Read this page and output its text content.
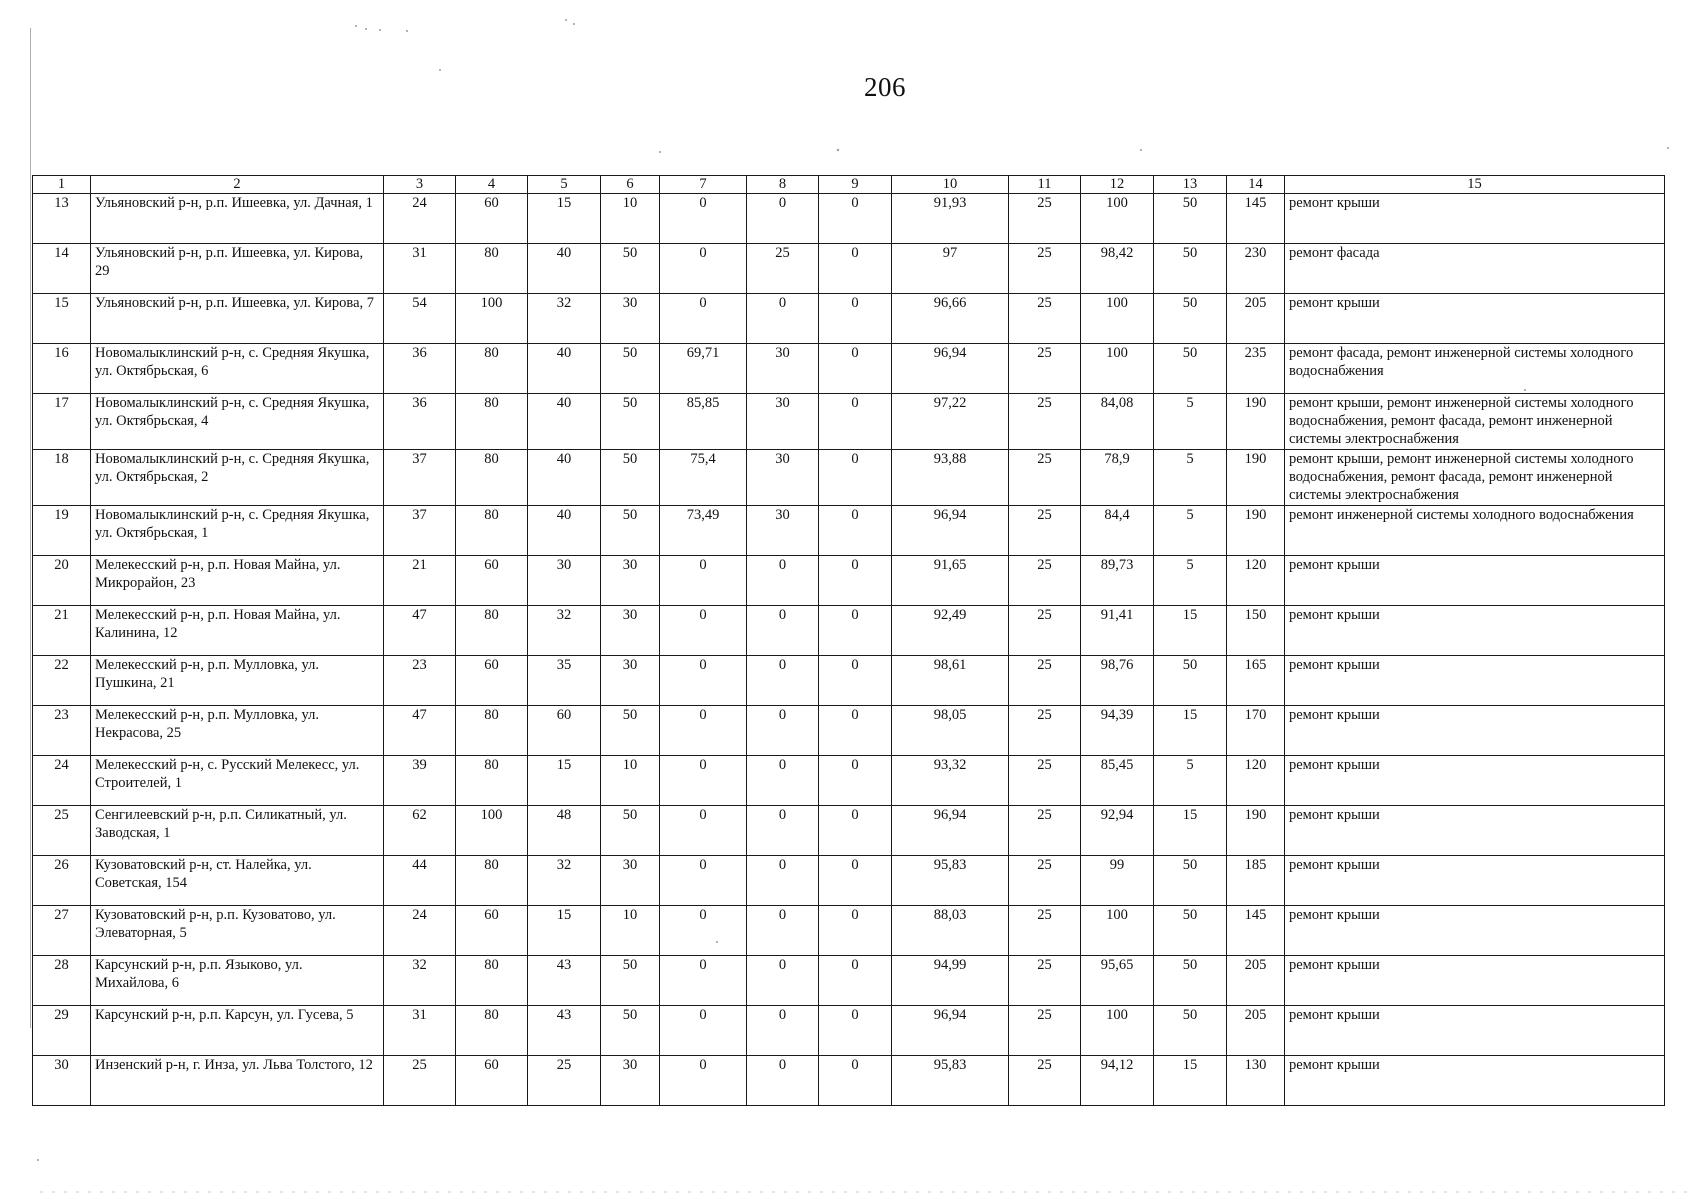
206
1	2	3	4	5	6	7	8	9	10	11	12	13	14	15
13	Ульяновский р-н, р.п. Ишеевка, ул. Дачная, 1	24	60	15	10	0	0	0	91,93	25	100	50	145	ремонт крыши
14	Ульяновский р-н, р.п. Ишеевка, ул. Кирова, 29	31	80	40	50	0	25	0	97	25	98,42	50	230	ремонт фасада
15	Ульяновский р-н, р.п. Ишеевка, ул. Кирова, 7	54	100	32	30	0	0	0	96,66	25	100	50	205	ремонт крыши
16	Новомалыклинский р-н, с. Средняя Якушка, ул. Октябрьская, 6	36	80	40	50	69,71	30	0	96,94	25	100	50	235	ремонт фасада, ремонт инженерной системы холодного водоснабжения
17	Новомалыклинский р-н, с. Средняя Якушка, ул. Октябрьская, 4	36	80	40	50	85,85	30	0	97,22	25	84,08	5	190	ремонт крыши, ремонт инженерной системы холодного водоснабжения, ремонт фасада, ремонт инженерной системы электроснабжения
18	Новомалыклинский р-н, с. Средняя Якушка, ул. Октябрьская, 2	37	80	40	50	75,4	30	0	93,88	25	78,9	5	190	ремонт крыши, ремонт инженерной системы холодного водоснабжения, ремонт фасада, ремонт инженерной системы электроснабжения
19	Новомалыклинский р-н, с. Средняя Якушка, ул. Октябрьская, 1	37	80	40	50	73,49	30	0	96,94	25	84,4	5	190	ремонт инженерной системы холодного водоснабжения
20	Мелекесский р-н, р.п. Новая Майна, ул. Микрорайон, 23	21	60	30	30	0	0	0	91,65	25	89,73	5	120	ремонт крыши
21	Мелекесский р-н, р.п. Новая Майна, ул. Калинина, 12	47	80	32	30	0	0	0	92,49	25	91,41	15	150	ремонт крыши
22	Мелекесский р-н, р.п. Мулловка, ул. Пушкина, 21	23	60	35	30	0	0	0	98,61	25	98,76	50	165	ремонт крыши
23	Мелекесский р-н, р.п. Мулловка, ул. Некрасова, 25	47	80	60	50	0	0	0	98,05	25	94,39	15	170	ремонт крыши
24	Мелекесский р-н, с. Русский Мелекесс, ул. Строителей, 1	39	80	15	10	0	0	0	93,32	25	85,45	5	120	ремонт крыши
25	Сенгилеевский р-н, р.п. Силикатный, ул. Заводская, 1	62	100	48	50	0	0	0	96,94	25	92,94	15	190	ремонт крыши
26	Кузоватовский р-н, ст. Налейка, ул. Советская, 154	44	80	32	30	0	0	0	95,83	25	99	50	185	ремонт крыши
27	Кузоватовский р-н, р.п. Кузоватово, ул. Элеваторная, 5	24	60	15	10	0	0	0	88,03	25	100	50	145	ремонт крыши
28	Карсунский р-н, р.п. Языково, ул. Михайлова, 6	32	80	43	50	0	0	0	94,99	25	95,65	50	205	ремонт крыши
29	Карсунский р-н, р.п. Карсун, ул. Гусева, 5	31	80	43	50	0	0	0	96,94	25	100	50	205	ремонт крыши
30	Инзенский р-н, г. Инза, ул. Льва Толстого, 12	25	60	25	30	0	0	0	95,83	25	94,12	15	130	ремонт крыши
